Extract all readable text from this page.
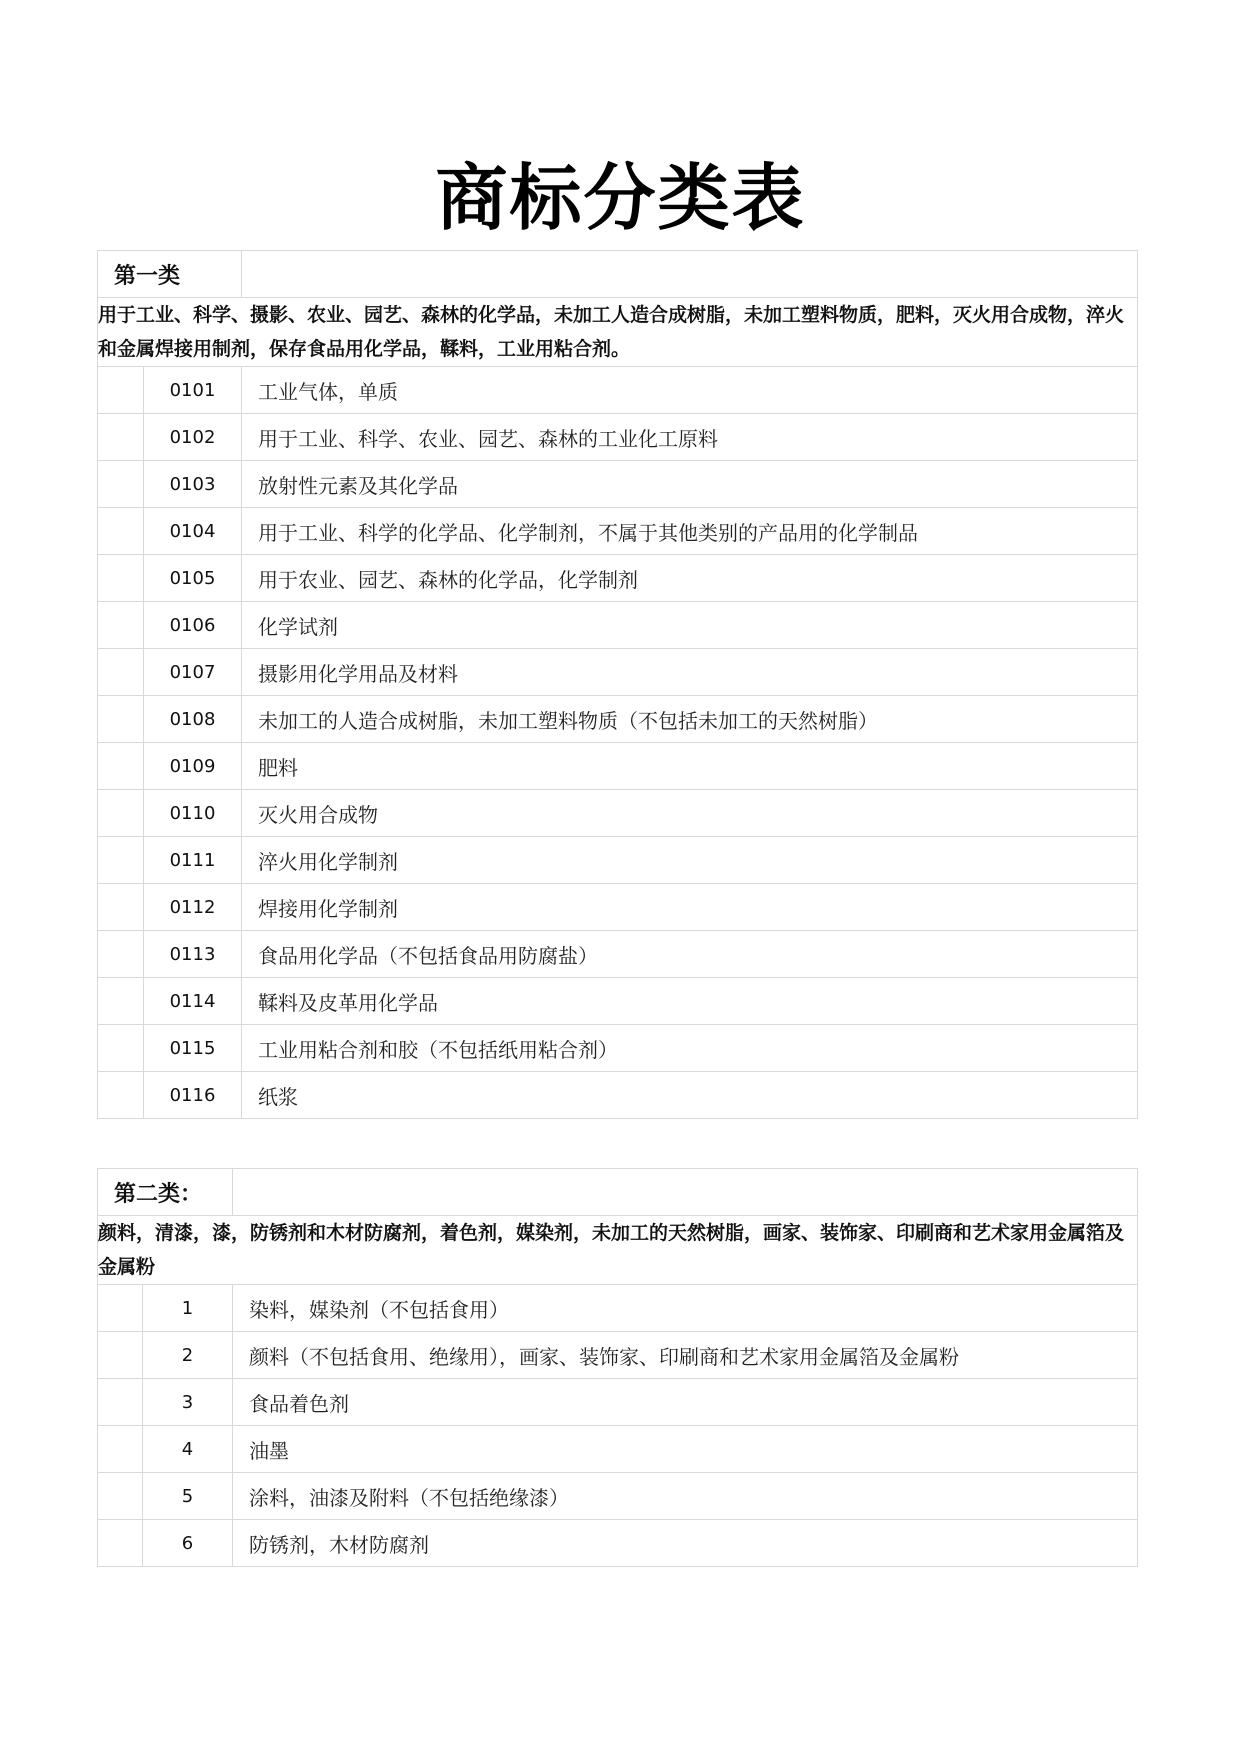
商标分类表
第一类		
用于工业、科学、摄影、农业、园艺、森林的化学品，未加工人造合成树脂，未加工塑料物质，肥料，灭火用合成物，淬火和金属焊接用制剂，保存食品用化学品，鞣料，工业用粘合剂。		
	0101	工业气体，单质
	0102	用于工业、科学、农业、园艺、森林的工业化工原料
	0103	放射性元素及其化学品
	0104	用于工业、科学的化学品、化学制剂，不属于其他类别的产品用的化学制品
	0105	用于农业、园艺、森林的化学品，化学制剂
	0106	化学试剂
	0107	摄影用化学用品及材料
	0108	未加工的人造合成树脂，未加工塑料物质（不包括未加工的天然树脂）
	0109	肥料
	0110	灭火用合成物
	0111	淬火用化学制剂
	0112	焊接用化学制剂
	0113	食品用化学品（不包括食品用防腐盐）
	0114	鞣料及皮革用化学品
	0115	工业用粘合剂和胶（不包括纸用粘合剂）
	0116	纸浆
第二类：		
颜料，清漆，漆，防锈剂和木材防腐剂，着色剂，媒染剂，未加工的天然树脂，画家、装饰家、印刷商和艺术家用金属箔及金属粉		
	1	染料，媒染剂（不包括食用）
	2	颜料（不包括食用、绝缘用），画家、装饰家、印刷商和艺术家用金属箔及金属粉
	3	食品着色剂
	4	油墨
	5	涂料，油漆及附料（不包括绝缘漆）
	6	防锈剂，木材防腐剂
